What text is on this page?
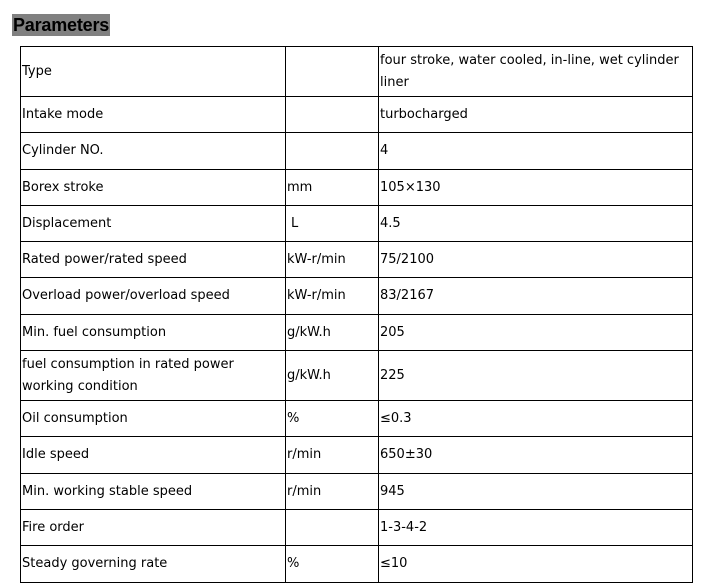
Parameters
Type		four stroke, water cooled, in-line, wet cylinder liner
Intake mode		turbocharged
Cylinder NO.		4
Borex stroke	mm	105×130
Displacement	L	4.5
Rated power/rated speed	kW-r/min	75/2100
Overload power/overload speed	kW-r/min	83/2167
Min. fuel consumption	g/kW.h	205
fuel consumption in rated power working condition	g/kW.h	225
Oil consumption	%	≤0.3
Idle speed	r/min	650±30
Min. working stable speed	r/min	945
Fire order		1-3-4-2
Steady governing rate	%	≤10
